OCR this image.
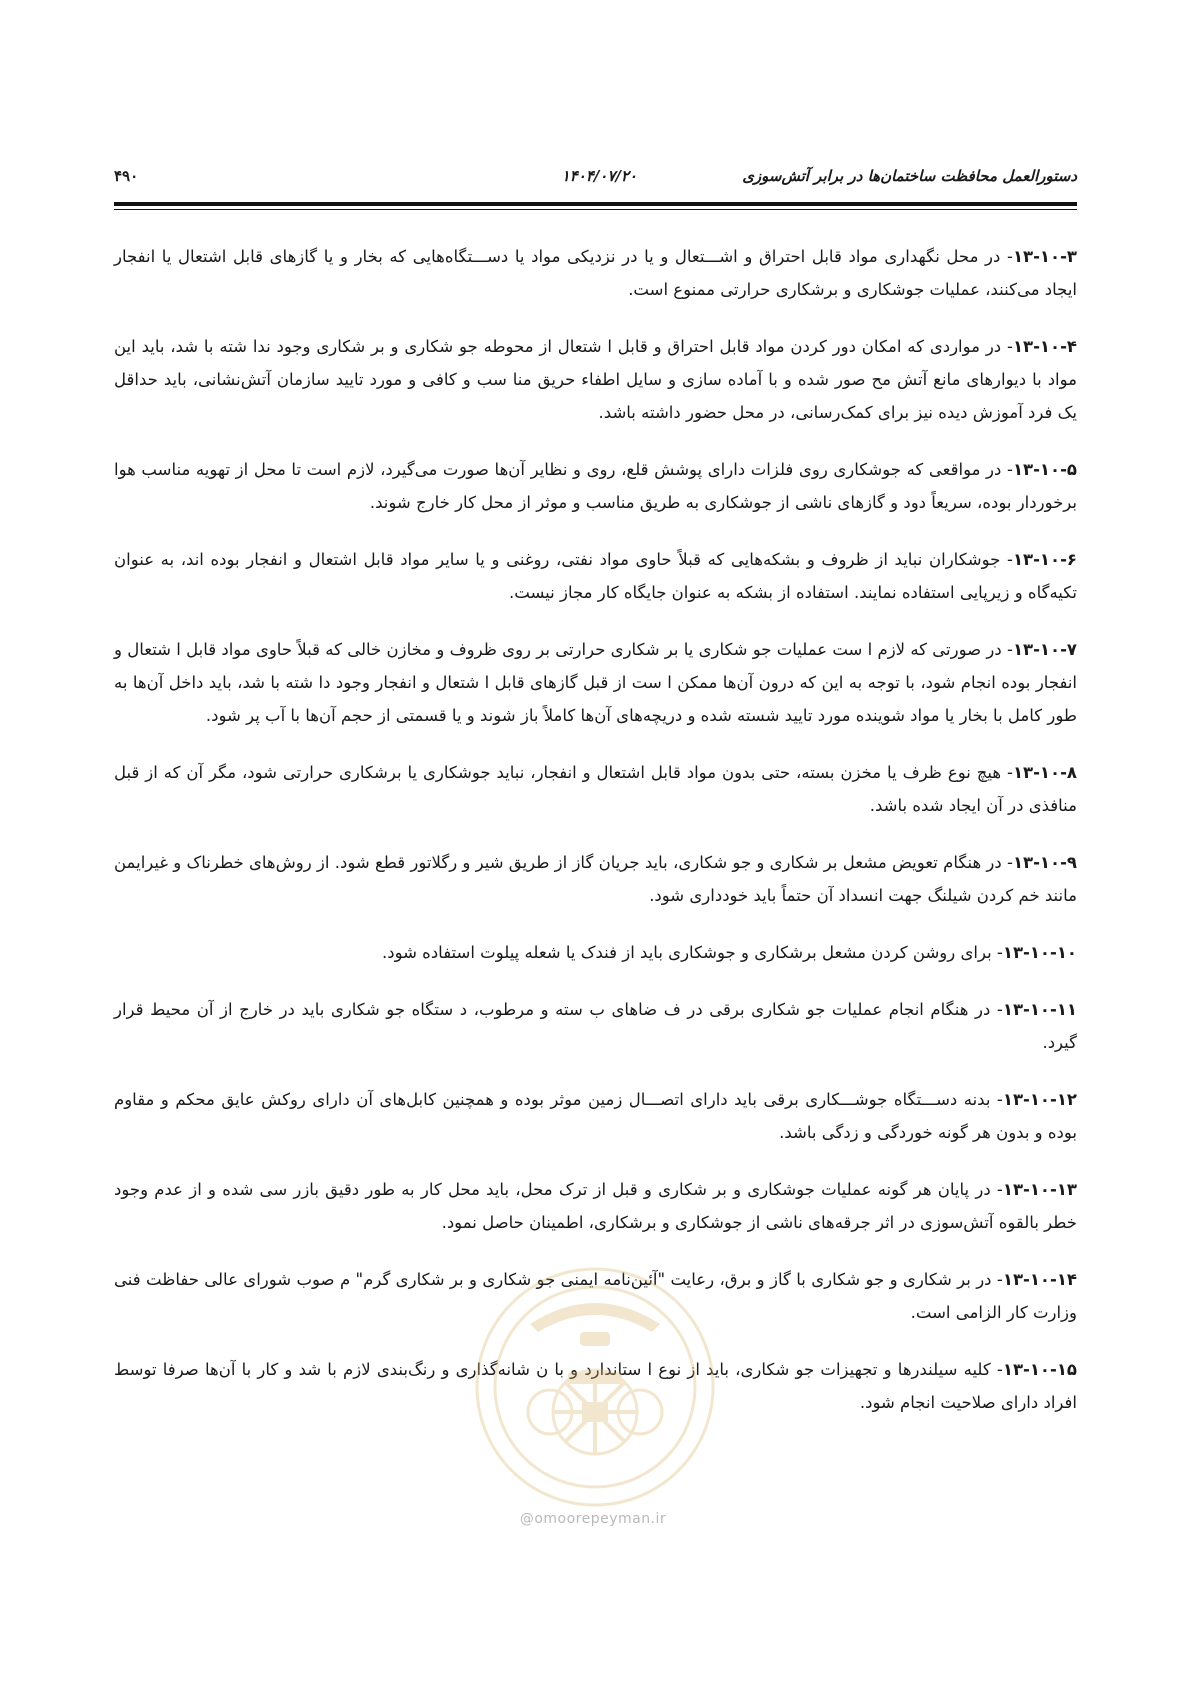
دستورالعمل محافظت ساختمان‌ها در برابر آتش‌سوزی
۱۴۰۴/۰۷/۲۰
۴۹۰

۱۳-۱۰-۳- در محل نگهداری مواد قابل احتراق و اشـــتعال و یا در نزدیکی مواد یا دســـتگاه‌هایی که بخار و یا گازهای قابل اشتعال یا انفجار ایجاد می‌کنند، عملیات جوشکاری و برشکاری حرارتی ممنوع است.

۱۳-۱۰-۴- در مواردی که امکان دور کردن مواد قابل احتراق و قابل ا شتعال از محوطه جو شکاری و بر شکاری وجود ندا شته با شد، باید این مواد با دیوارهای مانع آتش مح صور شده و با آماده سازی و سایل اطفاء حریق منا سب و کافی و مورد تایید سازمان آتش‌نشانی، باید حداقل یک فرد آموزش دیده نیز برای کمک‌رسانی، در محل حضور داشته باشد.

۱۳-۱۰-۵- در مواقعی که جوشکاری روی فلزات دارای پوشش قلع، روی و نظایر آن‌ها صورت می‌گیرد، لازم است تا محل از تهویه مناسب هوا برخوردار بوده، سریعاً دود و گازهای ناشی از جوشکاری به طریق مناسب و موثر از محل کار خارج شوند.

۱۳-۱۰-۶- جوشکاران نباید از ظروف و بشکه‌هایی که قبلاً حاوی مواد نفتی، روغنی و یا سایر مواد قابل اشتعال و انفجار بوده اند، به عنوان تکیه‌گاه و زیرپایی استفاده نمایند. استفاده از بشکه به عنوان جایگاه کار مجاز نیست.

۱۳-۱۰-۷- در صورتی که لازم ا ست عملیات جو شکاری یا بر شکاری حرارتی بر روی ظروف و مخازن خالی که قبلاً حاوی مواد قابل ا شتعال و انفجار بوده انجام شود، با توجه به این که درون آن‌ها ممکن ا ست از قبل گازهای قابل ا شتعال و انفجار وجود دا شته با شد، باید داخل آن‌ها به طور کامل با بخار یا مواد شوینده مورد تایید شسته شده و دریچه‌های آن‌ها کاملاً باز شوند و یا قسمتی از حجم آن‌ها با آب پر شود.

۱۳-۱۰-۸- هیچ نوع ظرف یا مخزن بسته، حتی بدون مواد قابل اشتعال و انفجار، نباید جوشکاری یا برشکاری حرارتی شود، مگر آن که از قبل منافذی در آن ایجاد شده باشد.

۱۳-۱۰-۹- در هنگام تعویض مشعل بر شکاری و جو شکاری، باید جریان گاز از طریق شیر و رگلاتور قطع شود. از روش‌های خطرناک و غیرایمن مانند خم کردن شیلنگ جهت انسداد آن حتماً باید خودداری شود.

۱۳-۱۰-۱۰- برای روشن کردن مشعل برشکاری و جوشکاری باید از فندک یا شعله پیلوت استفاده شود.

۱۳-۱۰-۱۱- در هنگام انجام عملیات جو شکاری برقی در ف ضاهای ب سته و مرطوب، د ستگاه جو شکاری باید در خارج از آن محیط قرار گیرد.

۱۳-۱۰-۱۲- بدنه دســـتگاه جوشـــکاری برقی باید دارای اتصـــال زمین موثر بوده و همچنین کابل‌های آن دارای روکش عایق محکم و مقاوم بوده و بدون هر گونه خوردگی و زدگی باشد.

۱۳-۱۰-۱۳- در پایان هر گونه عملیات جوشکاری و بر شکاری و قبل از ترک محل، باید محل کار به طور دقیق بازر سی شده و از عدم وجود خطر بالقوه آتش‌سوزی در اثر جرقه‌های ناشی از جوشکاری و برشکاری، اطمینان حاصل نمود.

۱۳-۱۰-۱۴- در بر شکاری و جو شکاری با گاز و برق، رعایت "آئین‌نامه ایمنی جو شکاری و بر شکاری گرم" م صوب شورای عالی حفاظت فنی وزارت کار الزامی است.

۱۳-۱۰-۱۵- کلیه سیلندرها و تجهیزات جو شکاری، باید از نوع ا ستاندارد و با ن شانه‌گذاری و رنگ‌بندی لازم با شد و کار با آن‌ها صرفا توسط افراد دارای صلاحیت انجام شود.

@omoorepeyman.ir
